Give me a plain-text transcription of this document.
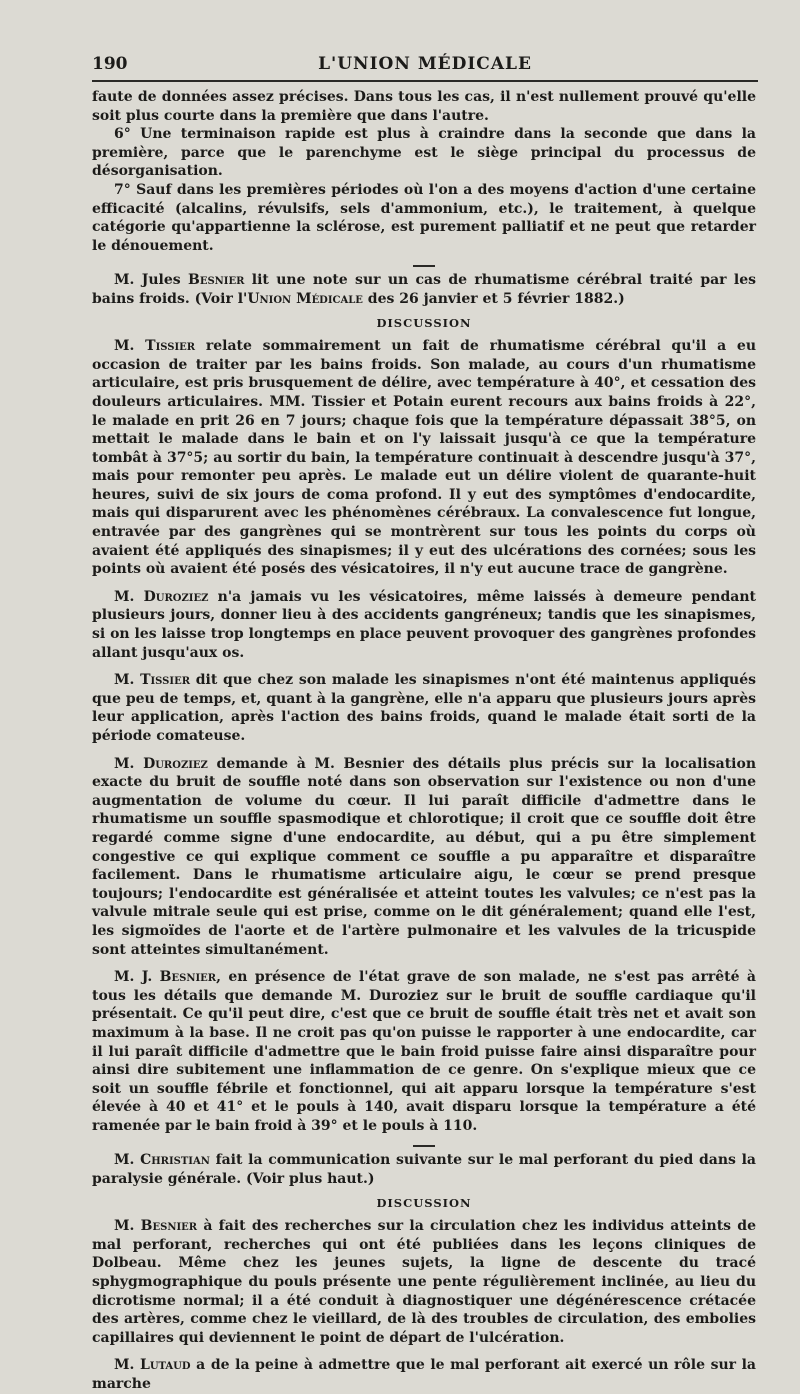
190	L'UNION MÉDICALE

faute de données assez précises. Dans tous les cas, il n'est nullement prouvé qu'elle soit plus courte dans la première que dans l'autre.

6° Une terminaison rapide est plus à craindre dans la seconde que dans la première, parce que le parenchyme est le siège principal du processus de désorganisation.

7° Sauf dans les premières périodes où l'on a des moyens d'action d'une certaine efficacité (alcalins, révulsifs, sels d'ammonium, etc.), le traitement, à quelque catégorie qu'appartienne la sclérose, est purement palliatif et ne peut que retarder le dénouement.

M. Jules Besnier lit une note sur un cas de rhumatisme cérébral traité par les bains froids. (Voir l'Union Médicale des 26 janvier et 5 février 1882.)

DISCUSSION

M. Tissier relate sommairement un fait de rhumatisme cérébral qu'il a eu occasion de traiter par les bains froids. Son malade, au cours d'un rhumatisme articulaire, est pris brusquement de délire, avec température à 40°, et cessation des douleurs articulaires. MM. Tissier et Potain eurent recours aux bains froids à 22°, le malade en prit 26 en 7 jours; chaque fois que la température dépassait 38°5, on mettait le malade dans le bain et on l'y laissait jusqu'à ce que la température tombât à 37°5; au sortir du bain, la température continuait à descendre jusqu'à 37°, mais pour remonter peu après. Le malade eut un délire violent de quarante-huit heures, suivi de six jours de coma profond. Il y eut des symptômes d'endocardite, mais qui disparurent avec les phénomènes cérébraux. La convalescence fut longue, entravée par des gangrènes qui se montrèrent sur tous les points du corps où avaient été appliqués des sinapismes; il y eut des ulcérations des cornées; sous les points où avaient été posés des vésicatoires, il n'y eut aucune trace de gangrène.

M. Duroziez n'a jamais vu les vésicatoires, même laissés à demeure pendant plusieurs jours, donner lieu à des accidents gangréneux; tandis que les sinapismes, si on les laisse trop longtemps en place peuvent provoquer des gangrènes profondes allant jusqu'aux os.

M. Tissier dit que chez son malade les sinapismes n'ont été maintenus appliqués que peu de temps, et, quant à la gangrène, elle n'a apparu que plusieurs jours après leur application, après l'action des bains froids, quand le malade était sorti de la période comateuse.

M. Duroziez demande à M. Besnier des détails plus précis sur la localisation exacte du bruit de souffle noté dans son observation sur l'existence ou non d'une augmentation de volume du cœur. Il lui paraît difficile d'admettre dans le rhumatisme un souffle spasmodique et chlorotique; il croit que ce souffle doit être regardé comme signe d'une endocardite, au début, qui a pu être simplement congestive ce qui explique comment ce souffle a pu apparaître et disparaître facilement. Dans le rhumatisme articulaire aigu, le cœur se prend presque toujours; l'endocardite est généralisée et atteint toutes les valvules; ce n'est pas la valvule mitrale seule qui est prise, comme on le dit généralement; quand elle l'est, les sigmoïdes de l'aorte et de l'artère pulmonaire et les valvules de la tricuspide sont atteintes simultanément.

M. J. Besnier, en présence de l'état grave de son malade, ne s'est pas arrêté à tous les détails que demande M. Duroziez sur le bruit de souffle cardiaque qu'il présentait. Ce qu'il peut dire, c'est que ce bruit de souffle était très net et avait son maximum à la base. Il ne croit pas qu'on puisse le rapporter à une endocardite, car il lui paraît difficile d'admettre que le bain froid puisse faire ainsi disparaître pour ainsi dire subitement une inflammation de ce genre. On s'explique mieux que ce soit un souffle fébrile et fonctionnel, qui ait apparu lorsque la température s'est élevée à 40 et 41° et le pouls à 140, avait disparu lorsque la température a été ramenée par le bain froid à 39° et le pouls à 110.

M. Christian fait la communication suivante sur le mal perforant du pied dans la paralysie générale. (Voir plus haut.)

DISCUSSION

M. Besnier à fait des recherches sur la circulation chez les individus atteints de mal perforant, recherches qui ont été publiées dans les leçons cliniques de Dolbeau. Même chez les jeunes sujets, la ligne de descente du tracé sphygmographique du pouls présente une pente régulièrement inclinée, au lieu du dicrotisme normal; il a été conduit à diagnostiquer une dégénérescence crétacée des artères, comme chez le vieillard, de là des troubles de circulation, des embolies capillaires qui deviennent le point de départ de l'ulcération.

M. Lutaud a de la peine à admettre que le mal perforant ait exercé un rôle sur la marche
